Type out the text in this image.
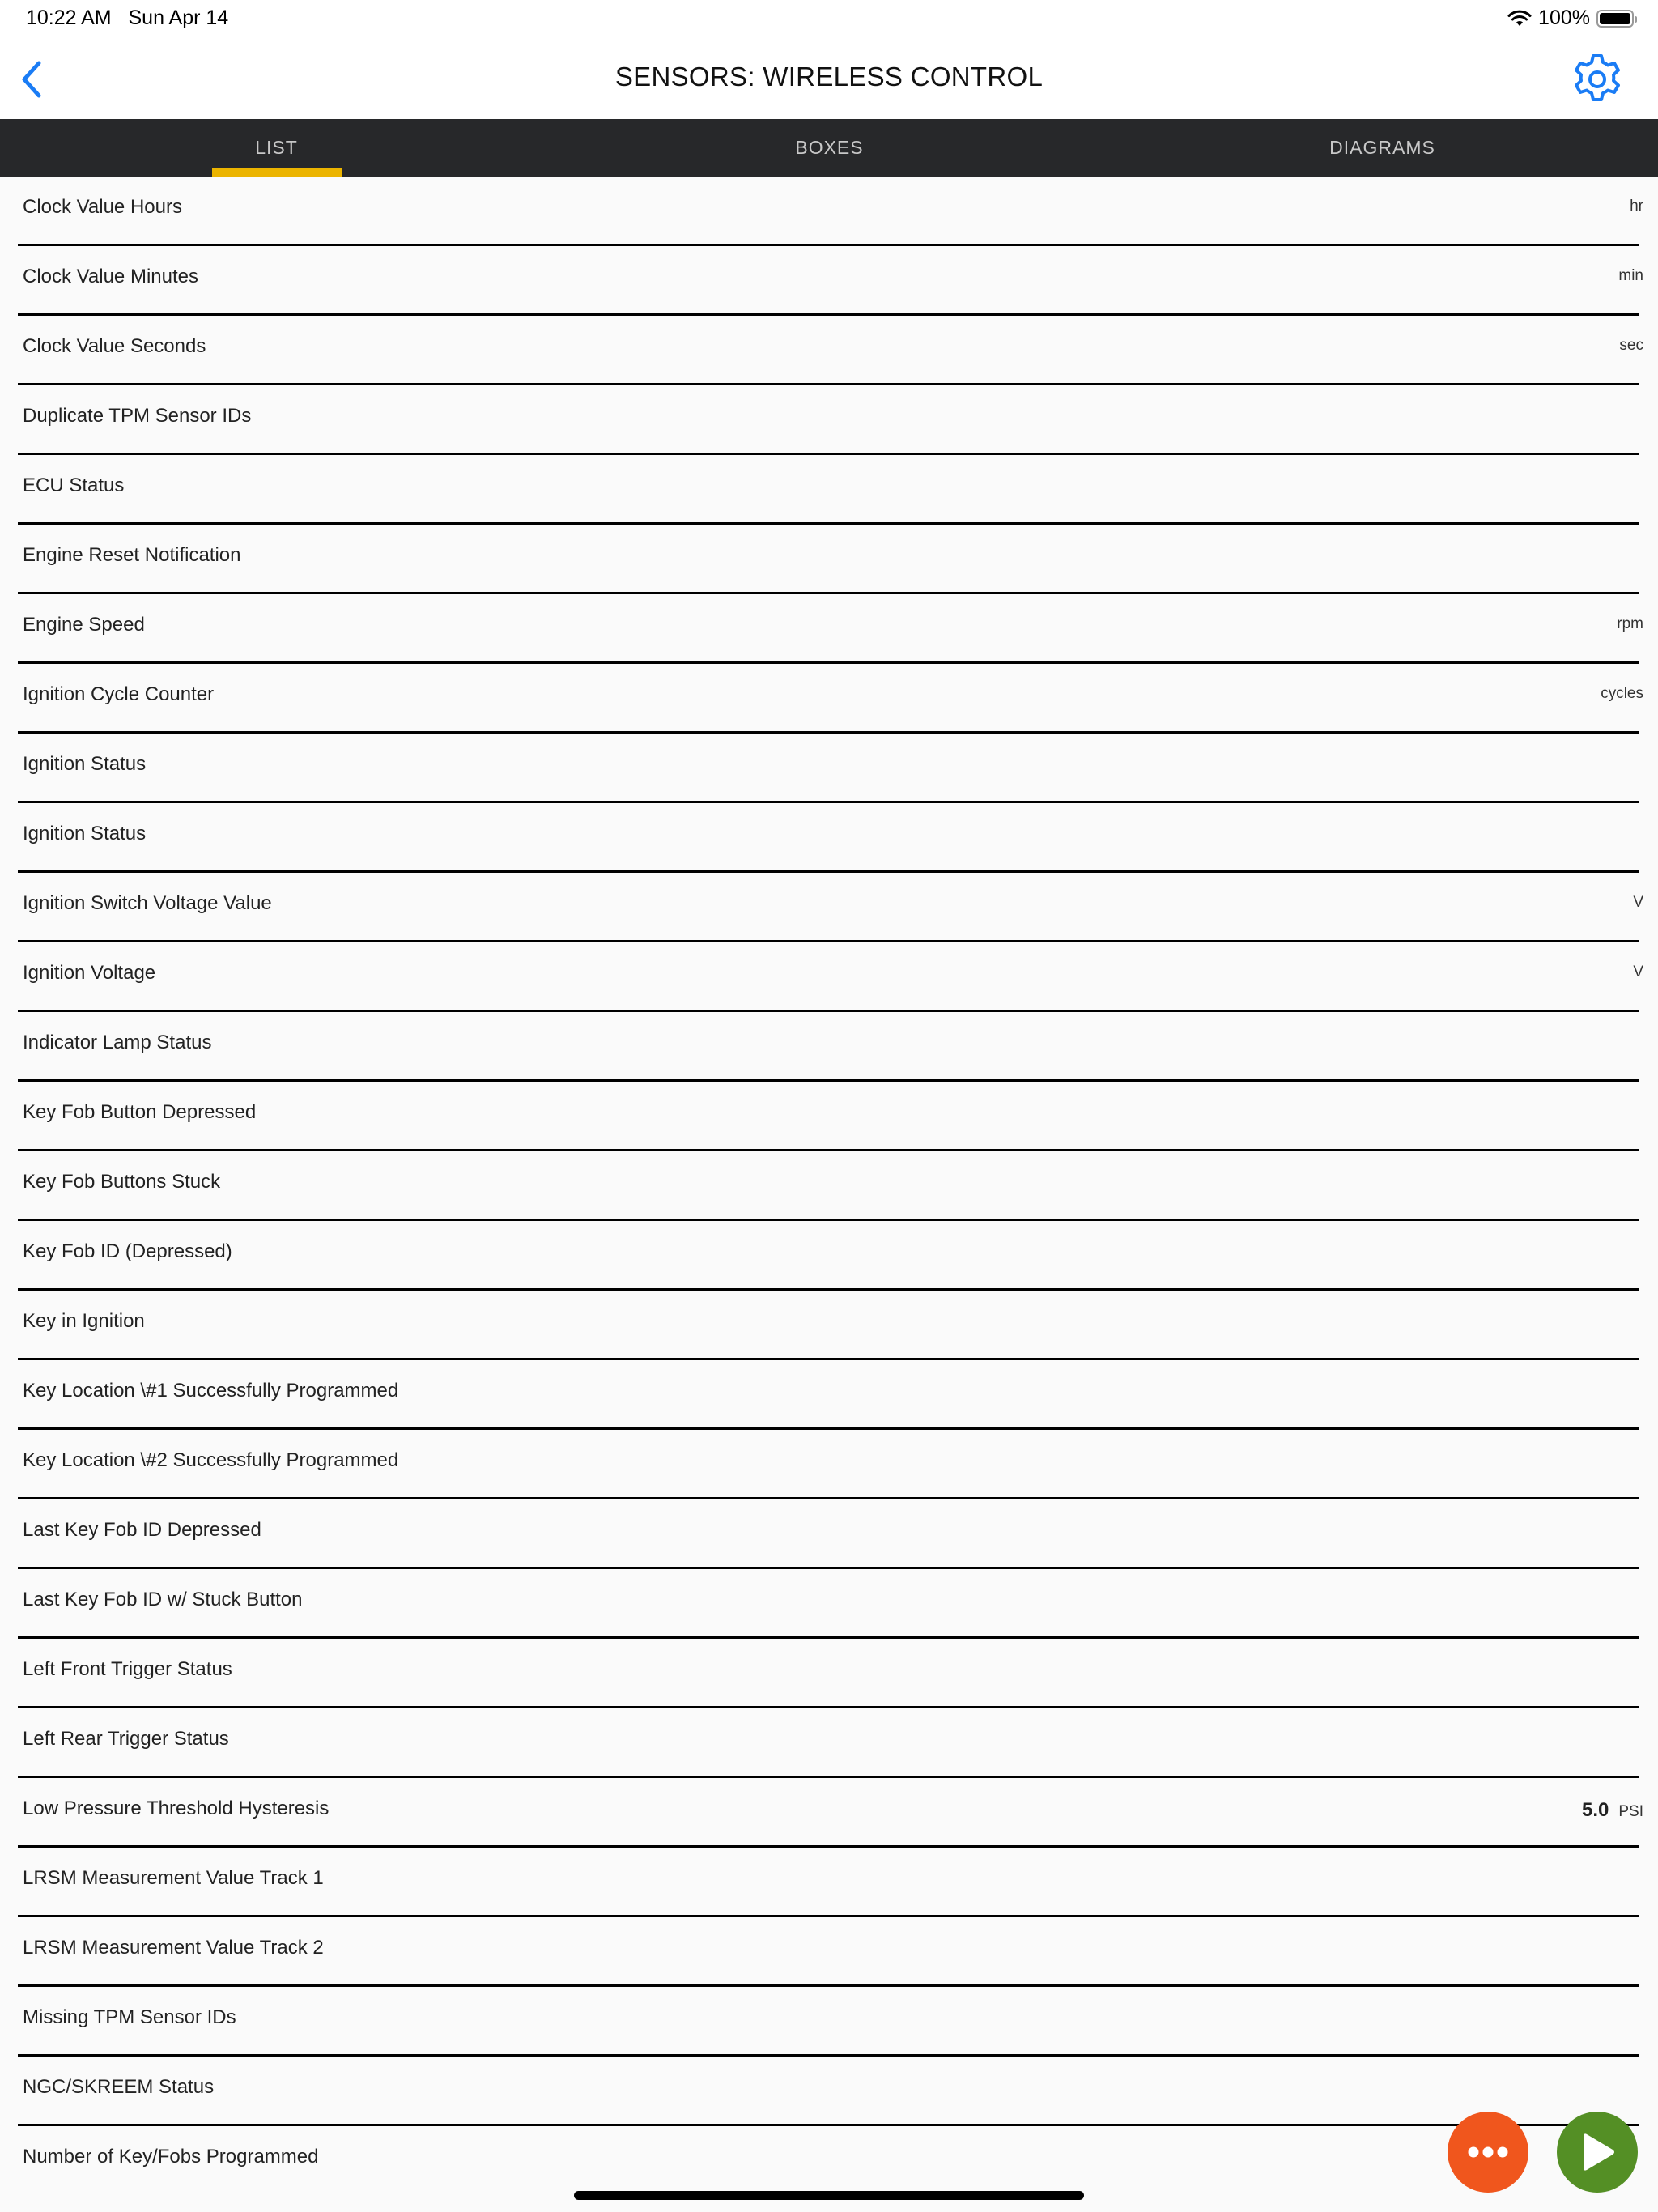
10:22 AM Sun Apr 14	100%
SENSORS: WIRELESS CONTROL
LIST	BOXES	DIAGRAMS
Clock Value Hours	hr
Clock Value Minutes	min
Clock Value Seconds	sec
Duplicate TPM Sensor IDs
ECU Status
Engine Reset Notification
Engine Speed	rpm
Ignition Cycle Counter	cycles
Ignition Status
Ignition Status
Ignition Switch Voltage Value	V
Ignition Voltage	V
Indicator Lamp Status
Key Fob Button Depressed
Key Fob Buttons Stuck
Key Fob ID (Depressed)
Key in Ignition
Key Location \#1 Successfully Programmed
Key Location \#2 Successfully Programmed
Last Key Fob ID Depressed
Last Key Fob ID w/ Stuck Button
Left Front Trigger Status
Left Rear Trigger Status
Low Pressure Threshold Hysteresis	5.0 PSI
LRSM Measurement Value Track 1
LRSM Measurement Value Track 2
Missing TPM Sensor IDs
NGC/SKREEM Status
Number of Key/Fobs Programmed
